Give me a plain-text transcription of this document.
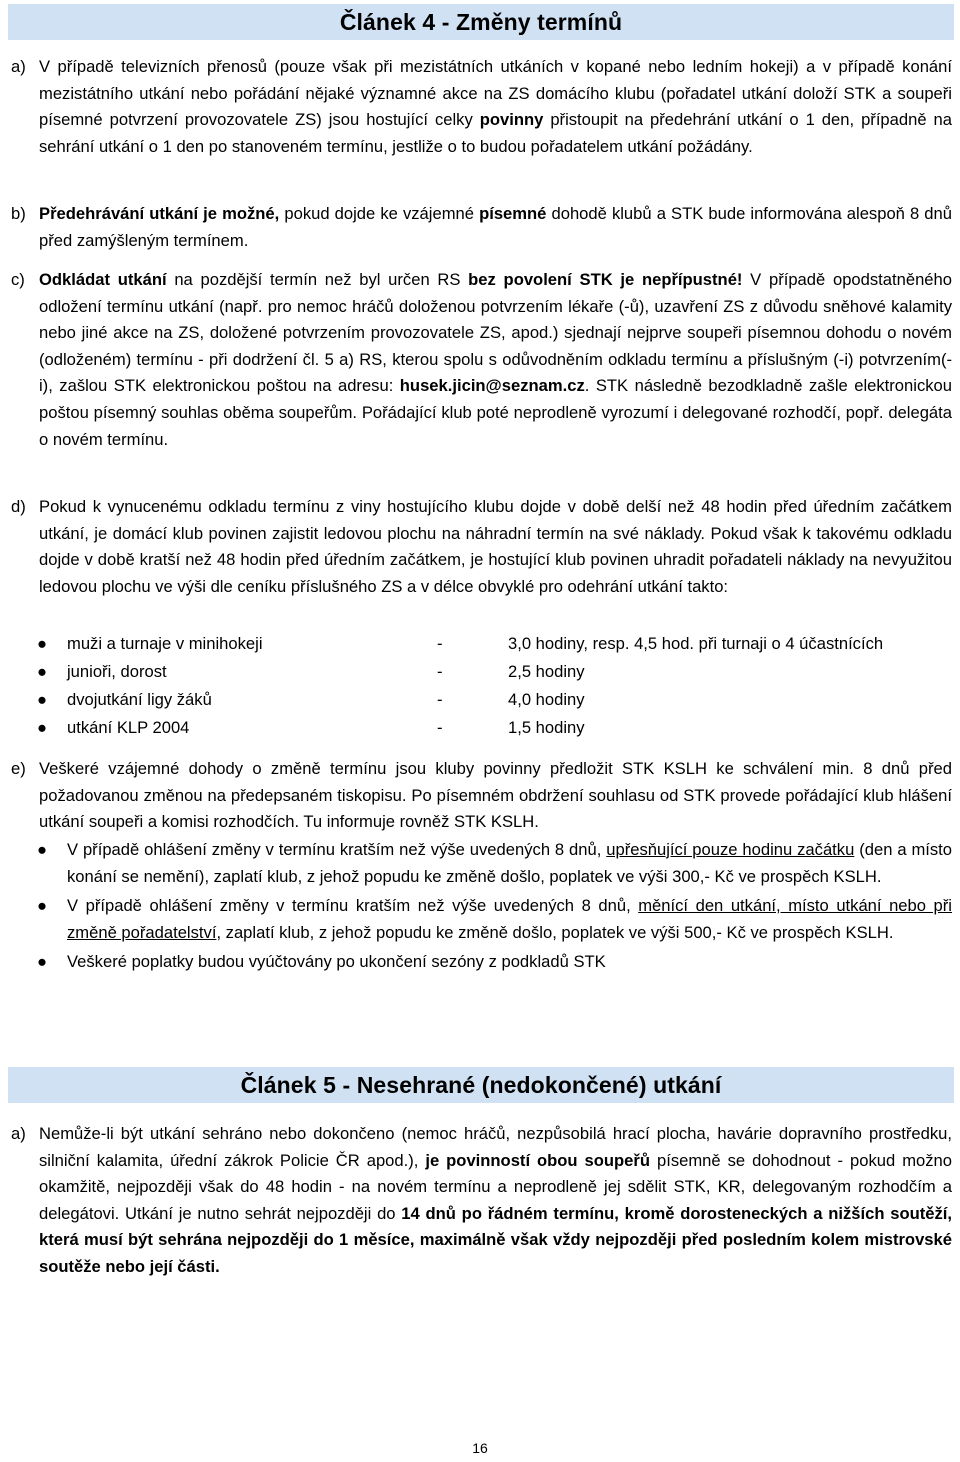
Článek 4 - Změny termínů
a) V případě televizních přenosů (pouze však při mezistátních utkáních v kopané nebo ledním hokeji) a v případě konání mezistátního utkání nebo pořádání nějaké významné akce na ZS domácího klubu (pořadatel utkání doloží STK a soupeři písemné potvrzení provozovatele ZS) jsou hostující celky povinny přistoupit na předehrání utkání o 1 den, případně na sehrání utkání o 1 den po stanoveném termínu, jestliže o to budou pořadatelem utkání požádány.
b) Předehrávání utkání je možné, pokud dojde ke vzájemné písemné dohodě klubů a STK bude informována alespoň 8 dnů před zamýšleným termínem.
c) Odkládat utkání na pozdější termín než byl určen RS bez povolení STK je nepřípustné! V případě opodstatněného odložení termínu utkání (např. pro nemoc hráčů doloženou potvrzením lékaře (-ů), uzavření ZS z důvodu sněhové kalamity nebo jiné akce na ZS, doložené potvrzením provozovatele ZS, apod.) sjednají nejprve soupeři písemnou dohodu o novém (odloženém) termínu - při dodržení čl. 5 a) RS, kterou spolu s odůvodněním odkladu termínu a příslušným (-i) potvrzením(-i), zašlou STK elektronickou poštou na adresu: husek.jicin@seznam.cz. STK následně bezodkladně zašle elektronickou poštou písemný souhlas oběma soupeřům. Pořádající klub poté neprodleně vyrozumí i delegované rozhodčí, popř. delegáta o novém termínu.
d) Pokud k vynucenému odkladu termínu z viny hostujícího klubu dojde v době delší než 48 hodin před úředním začátkem utkání, je domácí klub povinen zajistit ledovou plochu na náhradní termín na své náklady. Pokud však k takovému odkladu dojde v době kratší než 48 hodin před úředním začátkem, je hostující klub povinen uhradit pořadateli náklady na nevyužitou ledovou plochu ve výši dle ceníku příslušného ZS a v délce obvyklé pro odehrání utkání takto:
● muži a turnaje v minihokeji	-	3,0 hodiny, resp. 4,5 hod. při turnaji o 4 účastnících
● junioři, dorost	-	2,5 hodiny
● dvojutkání ligy žáků	-	4,0 hodiny
● utkání KLP 2004	-	1,5 hodiny
e) Veškeré vzájemné dohody o změně termínu jsou kluby povinny předložit STK KSLH ke schválení min. 8 dnů před požadovanou změnou na předepsaném tiskopisu. Po písemném obdržení souhlasu od STK provede pořádající klub hlášení utkání soupeři a komisi rozhodčích. Tu informuje rovněž STK KSLH.
● V případě ohlášení změny v termínu kratším než výše uvedených 8 dnů, upřesňující pouze hodinu začátku (den a místo konání se nemění), zaplatí klub, z jehož popudu ke změně došlo, poplatek ve výši 300,- Kč ve prospěch KSLH.
● V případě ohlášení změny v termínu kratším než výše uvedených 8 dnů, měnící den utkání, místo utkání nebo při změně pořadatelství, zaplatí klub, z jehož popudu ke změně došlo, poplatek ve výši 500,- Kč ve prospěch KSLH.
● Veškeré poplatky budou vyúčtovány po ukončení sezóny z podkladů STK
Článek 5 - Nesehrané (nedokončené) utkání
a) Nemůže-li být utkání sehráno nebo dokončeno (nemoc hráčů, nezpůsobilá hrací plocha, havárie dopravního prostředku, silniční kalamita, úřední zákrok Policie ČR apod.), je povinností obou soupeřů písemně se dohodnout - pokud možno okamžitě, nejpozději však do 48 hodin - na novém termínu a neprodleně jej sdělit STK, KR, delegovaným rozhodčím a delegátovi. Utkání je nutno sehrát nejpozději do 14 dnů po řádném termínu, kromě dorosteneckých a nižších soutěží, která musí být sehrána nejpozději do 1 měsíce, maximálně však vždy nejpozději před posledním kolem mistrovské soutěže nebo její části.
16
